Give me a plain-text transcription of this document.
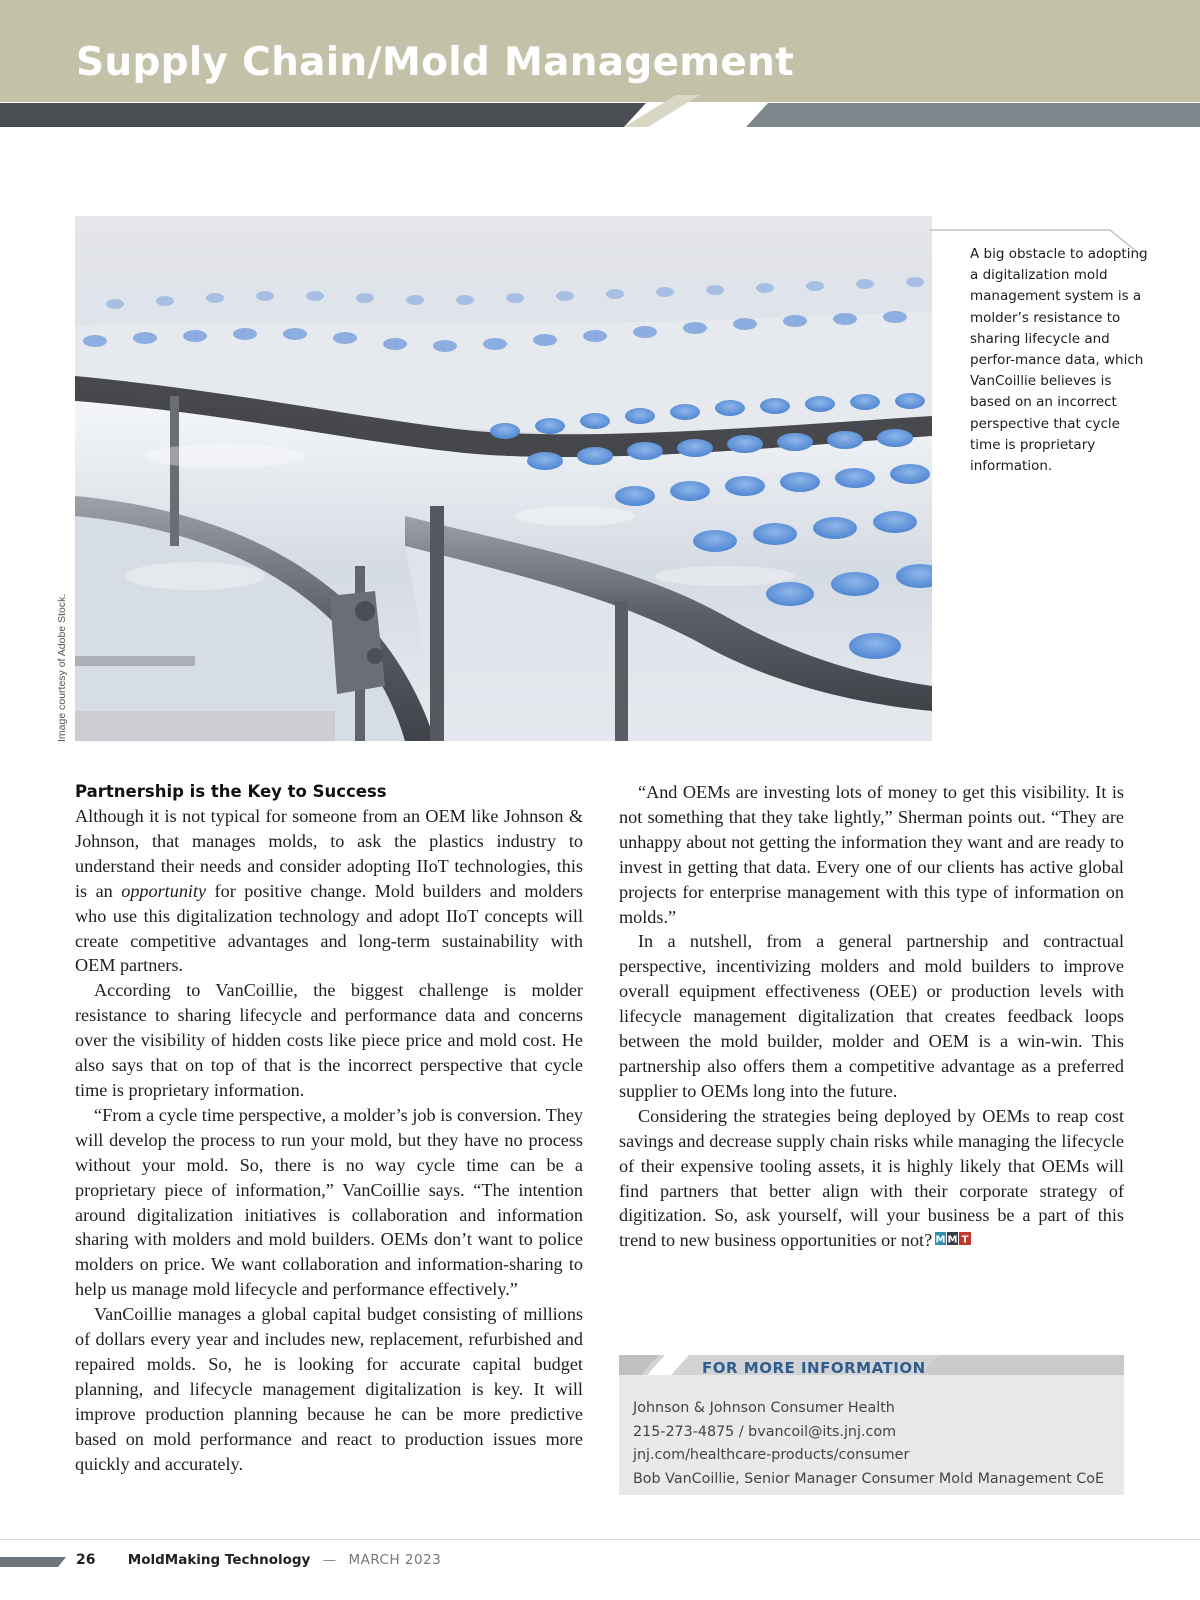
Supply Chain/Mold Management
Image courtesy of Adobe Stock.
A big obstacle to adopting a digitalization mold management system is a molder’s resistance to sharing lifecycle and perfor-mance data, which VanCoillie believes is based on an incorrect perspective that cycle time is proprietary information.

Partnership is the Key to Success

Although it is not typical for someone from an OEM like Johnson & Johnson, that manages molds, to ask the plastics industry to understand their needs and consider adopting IIoT technologies, this is an opportunity for positive change. Mold builders and molders who use this digitalization technology and adopt IIoT concepts will create competitive advantages and long-term sustainability with OEM partners.

According to VanCoillie, the biggest challenge is molder resistance to sharing lifecycle and performance data and concerns over the visibility of hidden costs like piece price and mold cost. He also says that on top of that is the incorrect perspective that cycle time is proprietary information.

“From a cycle time perspective, a molder’s job is conversion. They will develop the process to run your mold, but they have no process without your mold. So, there is no way cycle time can be a proprietary piece of information,” VanCoillie says. “The intention around digitalization initiatives is collaboration and information sharing with molders and mold builders. OEMs don’t want to police molders on price. We want collaboration and information-sharing to help us manage mold lifecycle and performance effectively.”

VanCoillie manages a global capital budget consisting of millions of dollars every year and includes new, replacement, refurbished and repaired molds. So, he is looking for accurate capital budget planning, and lifecycle management digitalization is key. It will improve production planning because he can be more predictive based on mold performance and react to production issues more quickly and accurately.

“And OEMs are investing lots of money to get this visibility. It is not something that they take lightly,” Sherman points out. “They are unhappy about not getting the information they want and are ready to invest in getting that data. Every one of our clients has active global projects for enterprise management with this type of information on molds.”

In a nutshell, from a general partnership and contractual perspective, incentivizing molders and mold builders to improve overall equipment effectiveness (OEE) or production levels with lifecycle management digitalization that creates feedback loops between the mold builder, molder and OEM is a win-win. This partnership also offers them a competitive advantage as a preferred supplier to OEMs long into the future.

Considering the strategies being deployed by OEMs to reap cost savings and decrease supply chain risks while managing the lifecycle of their expensive tooling assets, it is highly likely that OEMs will find partners that better align with their corporate strategy of digitization. So, ask yourself, will your business be a part of this trend to new business opportunities or not? M M T

FOR MORE INFORMATION
Johnson & Johnson Consumer Health
215-273-4875 / bvancoil@its.jnj.com
jnj.com/healthcare-products/consumer
Bob VanCoillie, Senior Manager Consumer Mold Management CoE
26 MoldMaking Technology — MARCH 2023
